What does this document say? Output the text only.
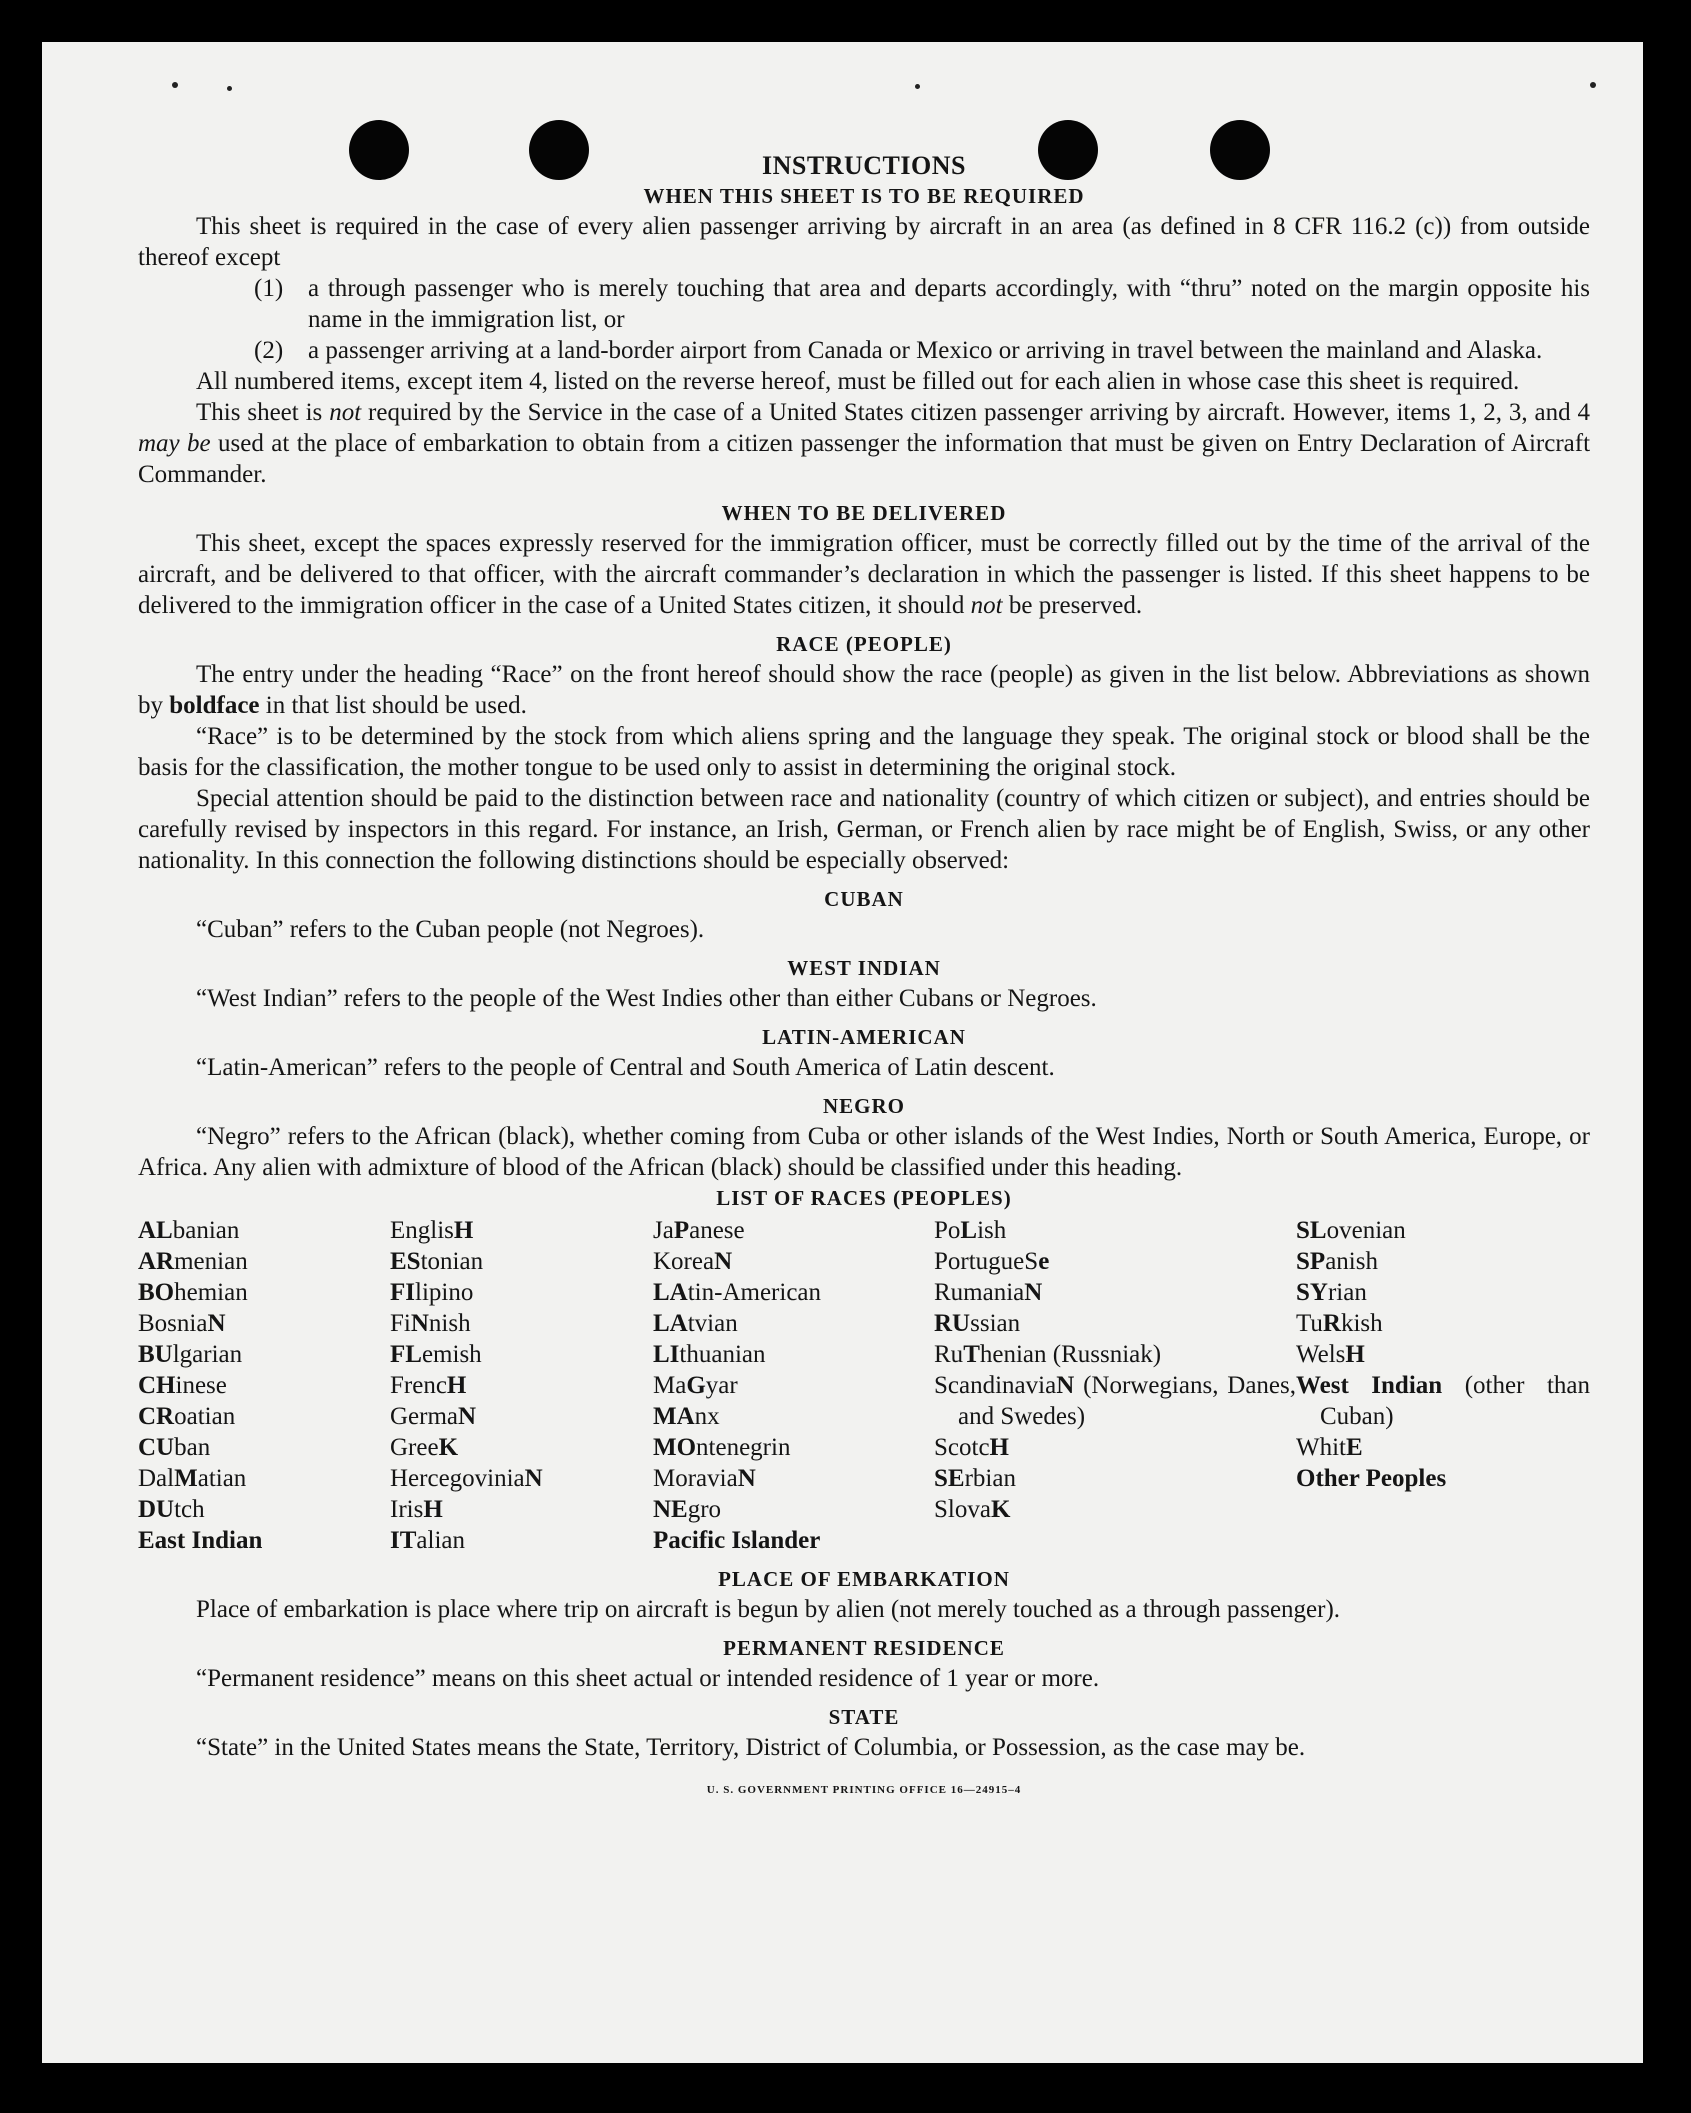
INSTRUCTIONS
WHEN THIS SHEET IS TO BE REQUIRED

This sheet is required in the case of every alien passenger arriving by aircraft in an area (as defined in 8 CFR 116.2 (c)) from outside thereof except

(1) a through passenger who is merely touching that area and departs accordingly, with “thru” noted on the margin opposite his name in the immigration list, or
(2) a passenger arriving at a land-border airport from Canada or Mexico or arriving in travel between the mainland and Alaska.

All numbered items, except item 4, listed on the reverse hereof, must be filled out for each alien in whose case this sheet is required.

This sheet is not required by the Service in the case of a United States citizen passenger arriving by aircraft. However, items 1, 2, 3, and 4 may be used at the place of embarkation to obtain from a citizen passenger the information that must be given on Entry Declaration of Aircraft Commander.

WHEN TO BE DELIVERED

This sheet, except the spaces expressly reserved for the immigration officer, must be correctly filled out by the time of the arrival of the aircraft, and be delivered to that officer, with the aircraft commander’s declaration in which the passenger is listed. If this sheet happens to be delivered to the immigration officer in the case of a United States citizen, it should not be preserved.

RACE (PEOPLE)

The entry under the heading “Race” on the front hereof should show the race (people) as given in the list below. Abbreviations as shown by boldface in that list should be used.

“Race” is to be determined by the stock from which aliens spring and the language they speak. The original stock or blood shall be the basis for the classification, the mother tongue to be used only to assist in determining the original stock.

Special attention should be paid to the distinction between race and nationality (country of which citizen or subject), and entries should be carefully revised by inspectors in this regard. For instance, an Irish, German, or French alien by race might be of English, Swiss, or any other nationality. In this connection the following distinctions should be especially observed:

CUBAN

“Cuban” refers to the Cuban people (not Negroes).

WEST INDIAN

“West Indian” refers to the people of the West Indies other than either Cubans or Negroes.

LATIN-AMERICAN

“Latin-American” refers to the people of Central and South America of Latin descent.

NEGRO

“Negro” refers to the African (black), whether coming from Cuba or other islands of the West Indies, North or South America, Europe, or Africa. Any alien with admixture of blood of the African (black) should be classified under this heading.

LIST OF RACES (PEOPLES)
ALbanian
ARmenian
BOhemian
BosniaN
BUlgarian
CHinese
CRoatian
CUban
DalMatian
DUtch
East Indian
EnglisH
EStonian
FIlipino
FiNnish
FLemish
FrencH
GermaN
GreeK
HercegoviniaN
IrisH
ITalian
JaPanese
KoreaN
LAtin-American
LAtvian
LIthuanian
MaGyar
MAnx
MOntenegrin
MoraviaN
NEgro
Pacific Islander
PoLish
PortugueSe
RumaniaN
RUssian
RuThenian (Russniak)
ScandinaviaN (Norwegians, Danes, and Swedes)
ScotcH
SErbian
SlovaK
SLovenian
SPanish
SYrian
TuRkish
WelsH
West Indian (other than Cuban)
WhitE
Other Peoples
PLACE OF EMBARKATION

Place of embarkation is place where trip on aircraft is begun by alien (not merely touched as a through passenger).

PERMANENT RESIDENCE

“Permanent residence” means on this sheet actual or intended residence of 1 year or more.

STATE

“State” in the United States means the State, Territory, District of Columbia, or Possession, as the case may be.

U. S. GOVERNMENT PRINTING OFFICE 16—24915–4
